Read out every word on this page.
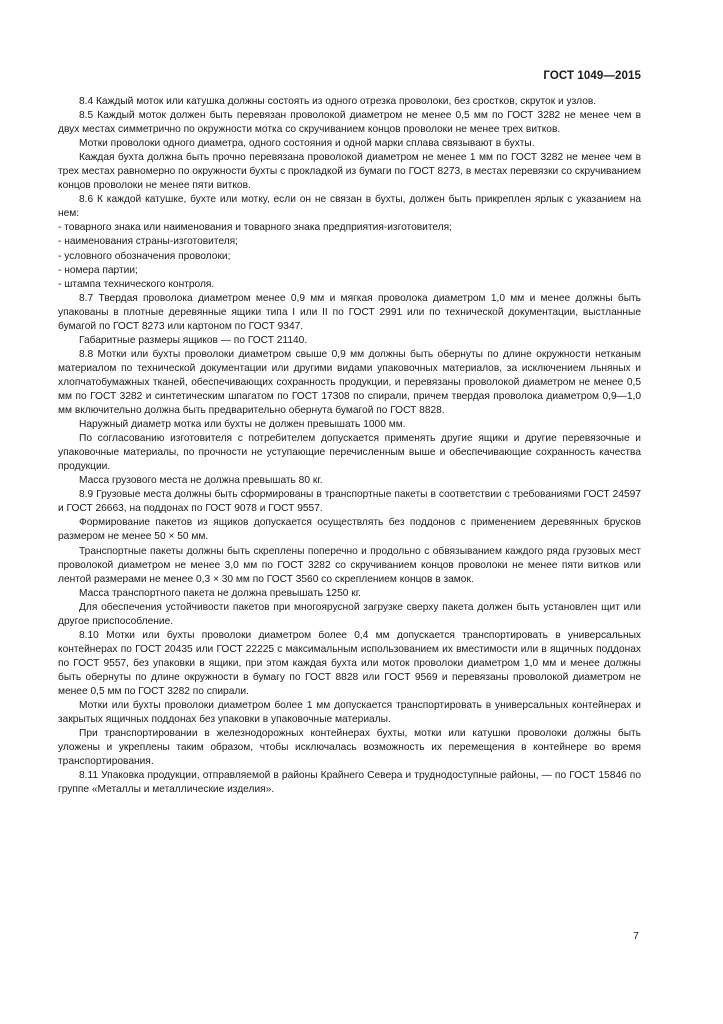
ГОСТ 1049—2015

8.4 Каждый моток или катушка должны состоять из одного отрезка проволоки, без сростков, скруток и узлов.

8.5 Каждый моток должен быть перевязан проволокой диаметром не менее 0,5 мм по ГОСТ 3282 не менее чем в двух местах симметрично по окружности мотка со скручиванием концов проволоки не менее трех витков.

Мотки проволоки одного диаметра, одного состояния и одной марки сплава связывают в бухты.

Каждая бухта должна быть прочно перевязана проволокой диаметром не менее 1 мм по ГОСТ 3282 не менее чем в трех местах равномерно по окружности бухты с прокладкой из бумаги по ГОСТ 8273, в местах перевязки со скручиванием концов проволоки не менее пяти витков.

8.6 К каждой катушке, бухте или мотку, если он не связан в бухты, должен быть прикреплен ярлык с указанием на нем:

- товарного знака или наименования и товарного знака предприятия-изготовителя;

- наименования страны-изготовителя;

- условного обозначения проволоки;

- номера партии;

- штампа технического контроля.

8.7 Твердая проволока диаметром менее 0,9 мм и мягкая проволока диаметром 1,0 мм и менее должны быть упакованы в плотные деревянные ящики типа I или II по ГОСТ 2991 или по технической документации, выстланные бумагой по ГОСТ 8273 или картоном по ГОСТ 9347.

Габаритные размеры ящиков — по ГОСТ 21140.

8.8 Мотки или бухты проволоки диаметром свыше 0,9 мм должны быть обернуты по длине окружности нетканым материалом по технической документации или другими видами упаковочных материалов, за исключением льняных и хлопчатобумажных тканей, обеспечивающих сохранность продукции, и перевязаны проволокой диаметром не менее 0,5 мм по ГОСТ 3282 и синтетическим шпагатом по ГОСТ 17308 по спирали, причем твердая проволока диаметром 0,9—1,0 мм включительно должна быть предварительно обернута бумагой по ГОСТ 8828.

Наружный диаметр мотка или бухты не должен превышать 1000 мм.

По согласованию изготовителя с потребителем допускается применять другие ящики и другие перевязочные и упаковочные материалы, по прочности не уступающие перечисленным выше и обеспечивающие сохранность качества продукции.

Масса грузового места не должна превышать 80 кг.

8.9 Грузовые места должны быть сформированы в транспортные пакеты в соответствии с требованиями ГОСТ 24597 и ГОСТ 26663, на поддонах по ГОСТ 9078 и ГОСТ 9557.

Формирование пакетов из ящиков допускается осуществлять без поддонов с применением деревянных брусков размером не менее 50 × 50 мм.

Транспортные пакеты должны быть скреплены поперечно и продольно с обвязыванием каждого ряда грузовых мест проволокой диаметром не менее 3,0 мм по ГОСТ 3282 со скручиванием концов проволоки не менее пяти витков или лентой размерами не менее 0,3 × 30 мм по ГОСТ 3560 со скреплением концов в замок.

Масса транспортного пакета не должна превышать 1250 кг.

Для обеспечения устойчивости пакетов при многоярусной загрузке сверху пакета должен быть установлен щит или другое приспособление.

8.10 Мотки или бухты проволоки диаметром более 0,4 мм допускается транспортировать в универсальных контейнерах по ГОСТ 20435 или ГОСТ 22225 с максимальным использованием их вместимости или в ящичных поддонах по ГОСТ 9557, без упаковки в ящики, при этом каждая бухта или моток проволоки диаметром 1,0 мм и менее должны быть обернуты по длине окружности в бумагу по ГОСТ 8828 или ГОСТ 9569 и перевязаны проволокой диаметром не менее 0,5 мм по ГОСТ 3282 по спирали.

Мотки или бухты проволоки диаметром более 1 мм допускается транспортировать в универсальных контейнерах и закрытых ящичных поддонах без упаковки в упаковочные материалы.

При транспортировании в железнодорожных контейнерах бухты, мотки или катушки проволоки должны быть уложены и укреплены таким образом, чтобы исключалась возможность их перемещения в контейнере во время транспортирования.

8.11 Упаковка продукции, отправляемой в районы Крайнего Севера и труднодоступные районы, — по ГОСТ 15846 по группе «Металлы и металлические изделия».

7
